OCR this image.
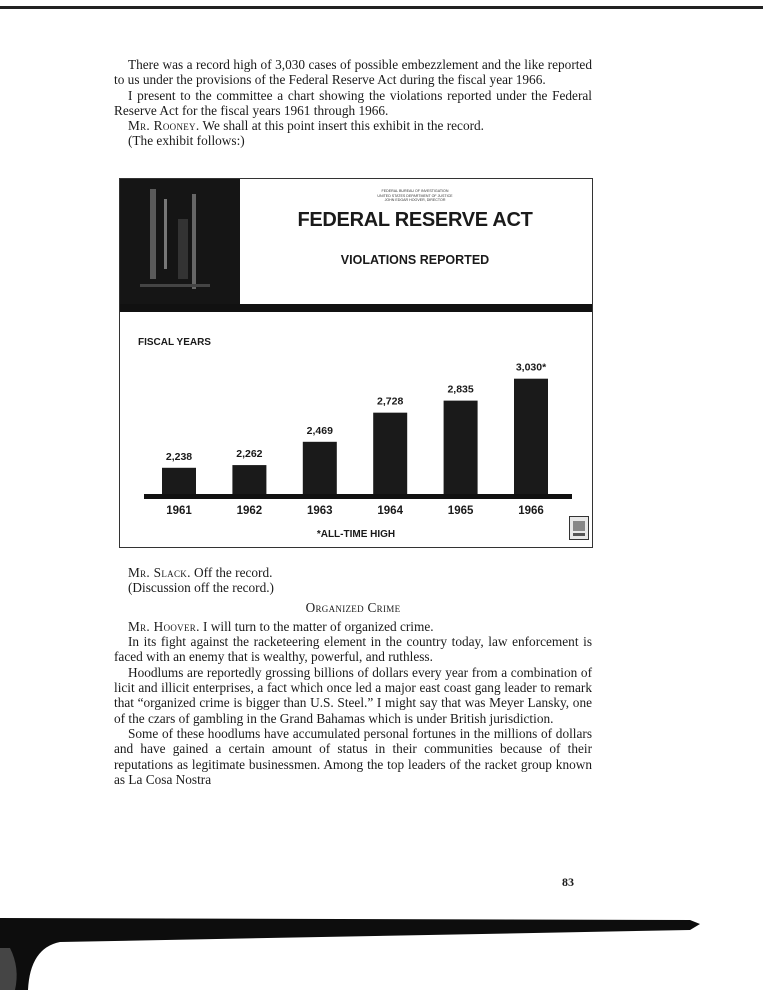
There was a record high of 3,030 cases of possible embezzlement and the like reported to us under the provisions of the Federal Reserve Act during the fiscal year 1966.

I present to the committee a chart showing the violations reported under the Federal Reserve Act for the fiscal years 1961 through 1966.

Mr. Rooney. We shall at this point insert this exhibit in the record.

(The exhibit follows:)

FEDERAL BUREAU OF INVESTIGATION
UNITED STATES DEPARTMENT OF JUSTICE
JOHN EDGAR HOOVER, DIRECTOR
FEDERAL RESERVE ACT
VIOLATIONS REPORTED
FISCAL YEARS
2,238
1961
2,262
1962
2,469
1963
2,728
1964
2,835
1965
3,030*
1966
*ALL-TIME HIGH

Mr. Slack. Off the record.

(Discussion off the record.)

Organized Crime

Mr. Hoover. I will turn to the matter of organized crime.

In its fight against the racketeering element in the country today, law enforcement is faced with an enemy that is wealthy, powerful, and ruthless.

Hoodlums are reportedly grossing billions of dollars every year from a combination of licit and illicit enterprises, a fact which once led a major east coast gang leader to remark that “organized crime is bigger than U.S. Steel.” I might say that was Meyer Lansky, one of the czars of gambling in the Grand Bahamas which is under British jurisdiction.

Some of these hoodlums have accumulated personal fortunes in the millions of dollars and have gained a certain amount of status in their communities because of their reputations as legitimate businessmen. Among the top leaders of the racket group known as La Cosa Nostra

83
